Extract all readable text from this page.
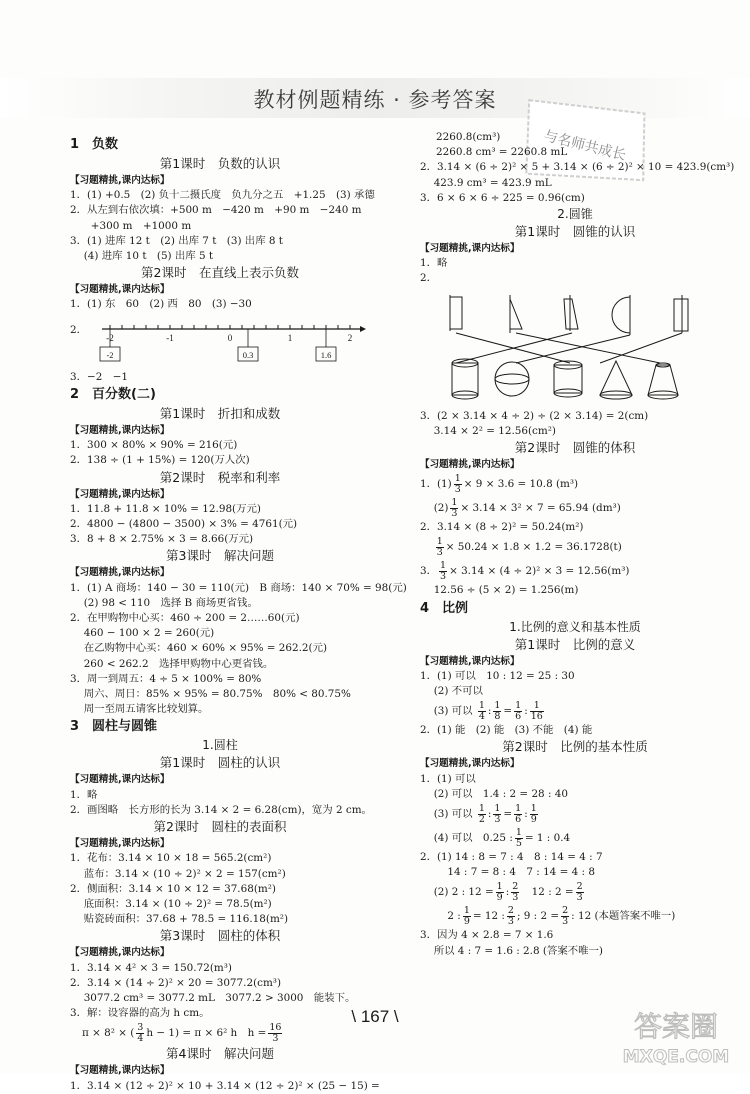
教材例题精练 · 参考答案
与名师共成长
1 负数
第1课时　负数的认识
【习题精挑,课内达标】
1．(1) +0.5　(2) 负十二摄氏度　负九分之五　+1.25　(3) 承德
2．从左到右依次填：+500 m　−420 m　+90 m　−240 m
　　+300 m　+1000 m
3．(1) 进库 12 t　(2) 出库 7 t　(3) 出库 8 t
　 (4) 进库 10 t　(5) 出库 5 t
第2课时　在直线上表示负数
【习题精挑,课内达标】
1．(1) 东　60　(2) 西　80　(3) −30
$^{2.}$
-2	-1	0	1	2
-2	0.3	1.6
3．−2　−1
2 百分数(二)
第1课时　折扣和成数
【习题精挑,课内达标】
1．300 × 80% × 90% = 216(元)
2．138 ÷ (1 + 15%) = 120(万人次)
第2课时　税率和利率
【习题精挑,课内达标】
1．11.8 + 11.8 × 10% = 12.98(万元)
2．4800 − (4800 − 3500) × 3% = 4761(元)
3．8 + 8 × 2.75% × 3 = 8.66(万元)
第3课时　解决问题
【习题精挑,课内达标】
1．(1) A 商场：140 − 30 = 110(元)　B 商场：140 × 70% = 98(元)
　 (2) 98 < 110　选择 B 商场更省钱。
2．在甲购物中心买：460 ÷ 200 = 2……60(元)
　 460 − 100 × 2 = 260(元)
　 在乙购物中心买：460 × 60% × 95% = 262.2(元)
　 260 < 262.2　选择甲购物中心更省钱。
3．周一到周五：4 ÷ 5 × 100% = 80%
　 周六、周日：85% × 95% = 80.75%　80% < 80.75%
　 周一至周五请客比较划算。
3 圆柱与圆锥
1.圆柱
第1课时　圆柱的认识
【习题精挑,课内达标】
1．略
2．画图略　长方形的长为 3.14 × 2 = 6.28(cm)，宽为 2 cm。
第2课时　圆柱的表面积
【习题精挑,课内达标】
1．花布：3.14 × 10 × 18 = 565.2(cm²)
　 蓝布：3.14 × (10 ÷ 2)² × 2 = 157(cm²)
2．侧面积：3.14 × 10 × 12 = 37.68(m²)
　 底面积：3.14 × (10 ÷ 2)² = 78.5(m²)
　 贴瓷砖面积：37.68 + 78.5 = 116.18(m²)
第3课时　圆柱的体积
【习题精挑,课内达标】
1．3.14 × 4² × 3 = 150.72(m³)
2．3.14 × (14 ÷ 2)² × 20 = 3077.2(cm³)
　 3077.2 cm³ = 3077.2 mL　3077.2 > 3000　能装下。
3．解：设容器的高为 h cm。
π × 8² × ( $\frac{3}{4}$ h − 1) = π × 6² h　$h = \frac{16}{3}$
第4课时　解决问题
【习题精挑,课内达标】
1．3.14 × (12 ÷ 2)² × 10 + 3.14 × (12 ÷ 2)² × (25 − 15) =
2260.8(cm³)
2260.8 cm³ = 2260.8 mL
2．3.14 × (6 ÷ 2)² × 5 + 3.14 × (6 ÷ 2)² × 10 = 423.9(cm³)
　 423.9 cm³ = 423.9 mL
3．6 × 6 × 6 ÷ 225 = 0.96(cm)
2.圆锥
第1课时　圆锥的认识
【习题精挑,课内达标】
1．略
2．
3．(2 × 3.14 × 4 ÷ 2) ÷ (2 × 3.14) = 2(cm)
　 3.14 × 2² = 12.56(cm²)
第2课时　圆锥的体积
【习题精挑,课内达标】
1．$(1) \frac{1}{3} \times 9 \times 3.6 = 10.8$ (m³)
　 $(2) \frac{1}{3} \times 3.14 \times 3^2 \times 7 = 65.94$ (dm³)
2．3.14 × (8 ÷ 2)² = 50.24(m²)

$\frac{1}{3} \times 50.24 \times 1.8 \times 1.2 = 36.1728(t)$
3． $\frac{1}{3} \times 3.14 \times (4 \div 2)^2 \times 3 = 12.56(m^3)$
　 12.56 ÷ (5 × 2) = 1.256(m)
4 比例
1.比例的意义和基本性质
第1课时　比例的意义
【习题精挑,课内达标】
1．(1) 可以　10 : 12 = 25 : 30
　 (2) 不可以
　 (3) 可以 $\frac{1}{4}$ : $\frac{1}{8} = \frac{1}{6}$ : $\frac{1}{16}$
2．(1) 能　(2) 能　(3) 不能　(4) 能
第2课时　比例的基本性质
【习题精挑,课内达标】
1．(1) 可以
　 (2) 可以　1.4 : 2 = 28 : 40
　 (3) 可以 $\frac{1}{2}$ : $\frac{1}{3} = \frac{1}{6}$ : $\frac{1}{9}$
　 (4) 可以　0.25 : $\frac{1}{5} = 1$ : 0.4
2．(1) 14 : 8 = 7 : 4　8 : 14 = 4 : 7
　 　 14 : 7 = 8 : 4　7 : 14 = 4 : 8
　 (2) 2 : $12 = \frac{1}{9}$ : $\frac{2}{3}$
　 12 : $2 = \frac{2}{3}$
　 　 2 : $\frac{1}{9} = 12$ : $\frac{2}{3}$ ; 9 : $2 = \frac{2}{3}$ : 12 (本题答案不唯一)
3．因为 4 × 2.8 = 7 × 1.6
　 所以 4 : 7 = 1.6 : 2.8 (答案不唯一)
\ 167 \	答案圈
MXQE.COM
